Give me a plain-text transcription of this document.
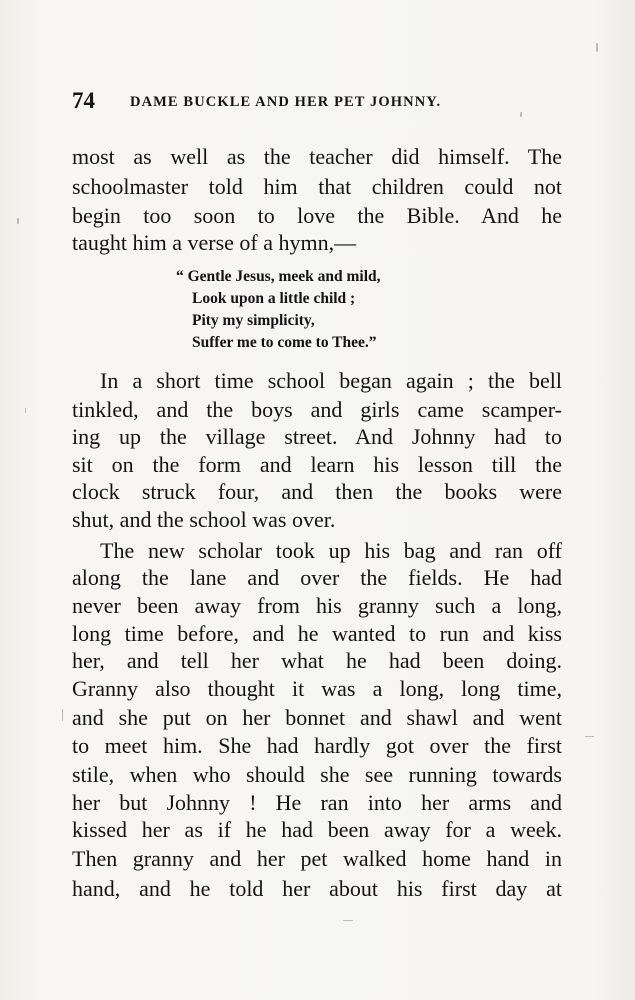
74 DAME BUCKLE AND HER PET JOHNNY.
most as well as the teacher did himself. The
schoolmaster told him that children could not
begin too soon to love the Bible. And he
taught him a verse of a hymn,—
“ Gentle Jesus, meek and mild,
Look upon a little child ;
Pity my simplicity,
Suffer me to come to Thee.”
In a short time school began again ; the bell
tinkled, and the boys and girls came scamper-
ing up the village street. And Johnny had to
sit on the form and learn his lesson till the
clock struck four, and then the books were
shut, and the school was over.
The new scholar took up his bag and ran off
along the lane and over the fields. He had
never been away from his granny such a long,
long time before, and he wanted to run and kiss
her, and tell her what he had been doing.
Granny also thought it was a long, long time,
and she put on her bonnet and shawl and went
to meet him. She had hardly got over the first
stile, when who should she see running towards
her but Johnny ! He ran into her arms and
kissed her as if he had been away for a week.
Then granny and her pet walked home hand in
hand, and he told her about his first day at
